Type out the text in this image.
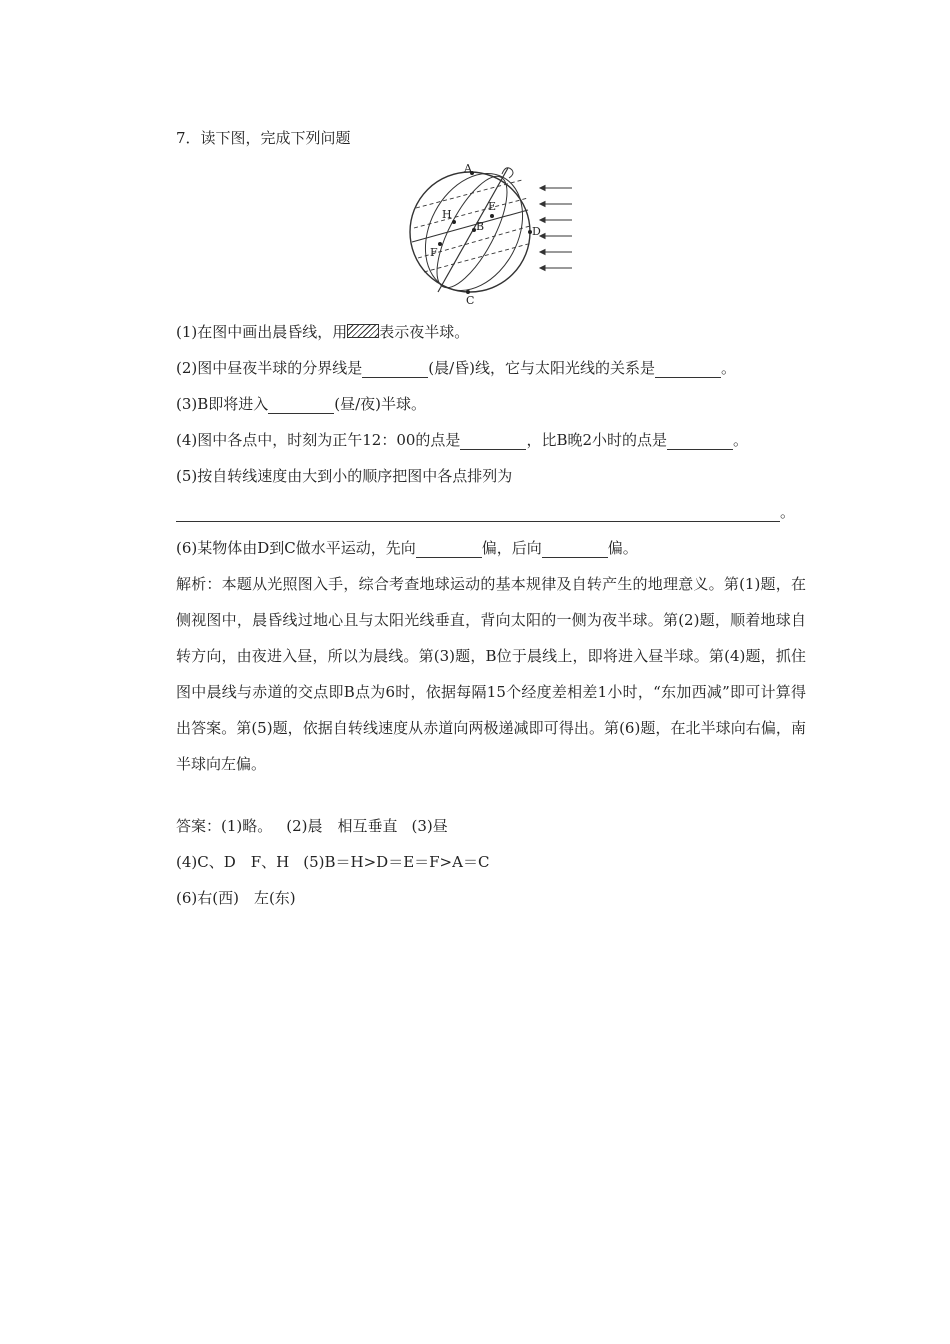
7．读下图，完成下列问题
A
B
C
D
E
F
H
(1)在图中画出晨昏线，用 表示夜半球。
(2)图中昼夜半球的分界线是	(晨/昏)线，它与太阳光线的关系是	。
(3)B即将进入	(昼/夜)半球。
(4)图中各点中，时刻为正午12：00的点是	，比B晚2小时的点是	。
(5)按自转线速度由大到小的顺序把图中各点排列为
。
(6)某物体由D到C做水平运动，先向	偏，后向	偏。
解析：本题从光照图入手，综合考查地球运动的基本规律及自转产生的地理意义。第(1)题，在侧视图中，晨昏线过地心且与太阳光线垂直，背向太阳的一侧为夜半球。第(2)题，顺着地球自转方向，由夜进入昼，所以为晨线。第(3)题，B位于晨线上，即将进入昼半球。第(4)题，抓住图中晨线与赤道的交点即B点为6时，依据每隔15个经度差相差1小时，“东加西减”即可计算得出答案。第(5)题，依据自转线速度从赤道向两极递减即可得出。第(6)题，在北半球向右偏，南半球向左偏。
答案：(1)略。 (2)晨　相互垂直 (3)昼
(4)C、D　F、H (5)B＝H>D＝E＝F>A＝C
(6)右(西)　左(东)
